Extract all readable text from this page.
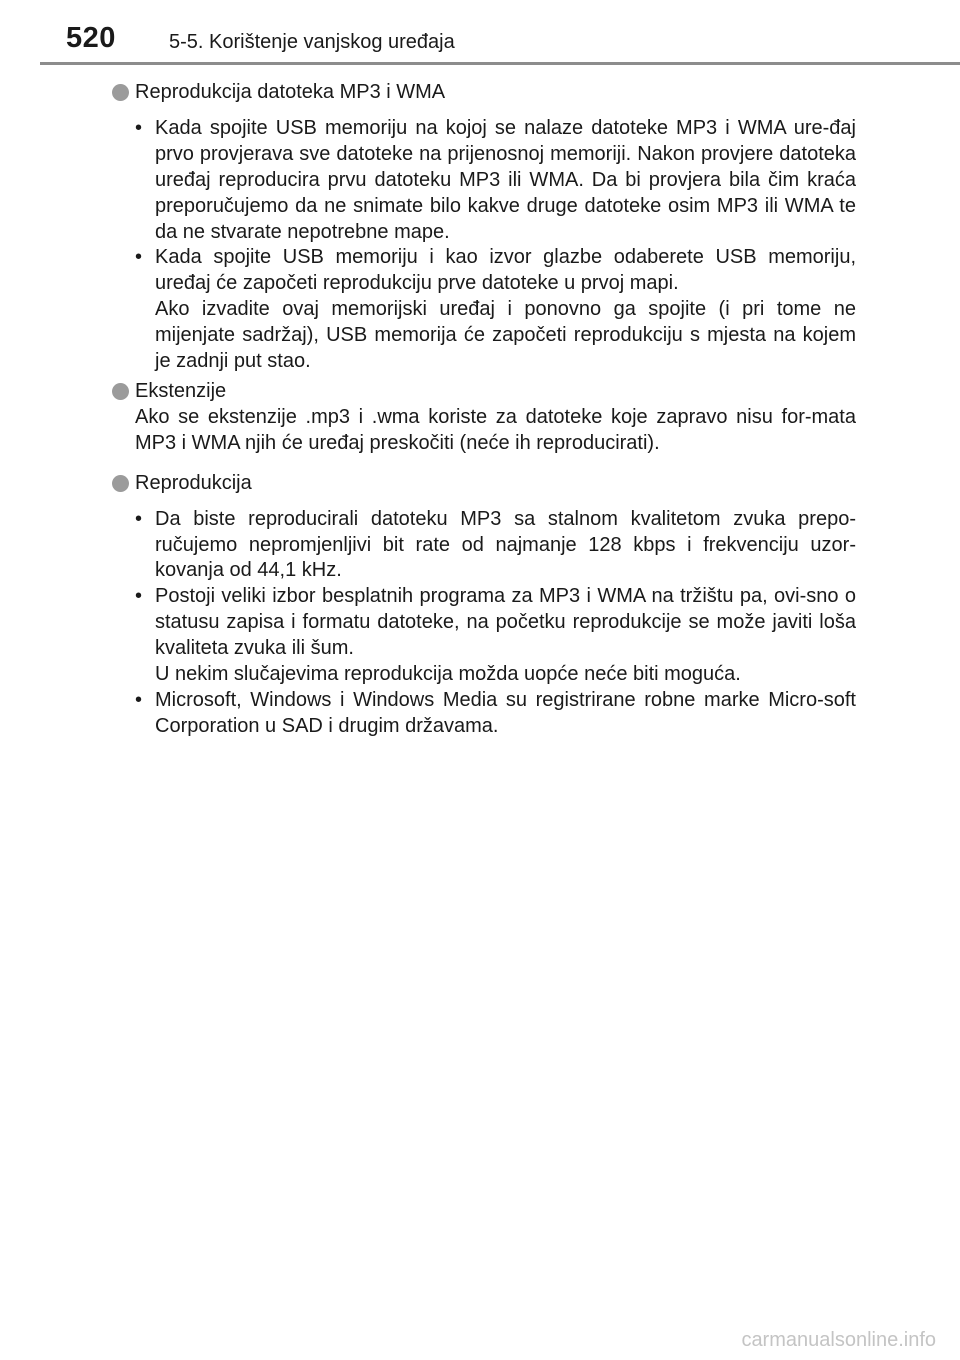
520	5-5. Korištenje vanjskog uređaja
Reprodukcija datoteka MP3 i WMA
• Kada spojite USB memoriju na kojoj se nalaze datoteke MP3 i WMA ure-đaj prvo provjerava sve datoteke na prijenosnoj memoriji. Nakon provjere datoteka uređaj reproducira prvu datoteku MP3 ili WMA. Da bi provjera bila čim kraća preporučujemo da ne snimate bilo kakve druge datoteke osim MP3 ili WMA te da ne stvarate nepotrebne mape.
• Kada spojite USB memoriju i kao izvor glazbe odaberete USB memoriju, uređaj će započeti reprodukciju prve datoteke u prvoj mapi.
Ako izvadite ovaj memorijski uređaj i ponovno ga spojite (i pri tome ne mijenjate sadržaj), USB memorija će započeti reprodukciju s mjesta na kojem je zadnji put stao.
Ekstenzije
Ako se ekstenzije .mp3 i .wma koriste za datoteke koje zapravo nisu for-mata MP3 i WMA njih će uređaj preskočiti (neće ih reproducirati).
Reprodukcija
• Da biste reproducirali datoteku MP3 sa stalnom kvalitetom zvuka prepo-ručujemo nepromjenljivi bit rate od najmanje 128 kbps i frekvenciju uzor-kovanja od 44,1 kHz.
• Postoji veliki izbor besplatnih programa za MP3 i WMA na tržištu pa, ovi-sno o statusu zapisa i formatu datoteke, na početku reprodukcije se može javiti loša kvaliteta zvuka ili šum.
U nekim slučajevima reprodukcija možda uopće neće biti moguća.
• Microsoft, Windows i Windows Media su registrirane robne marke Micro-soft Corporation u SAD i drugim državama.
carmanualsonline.info
